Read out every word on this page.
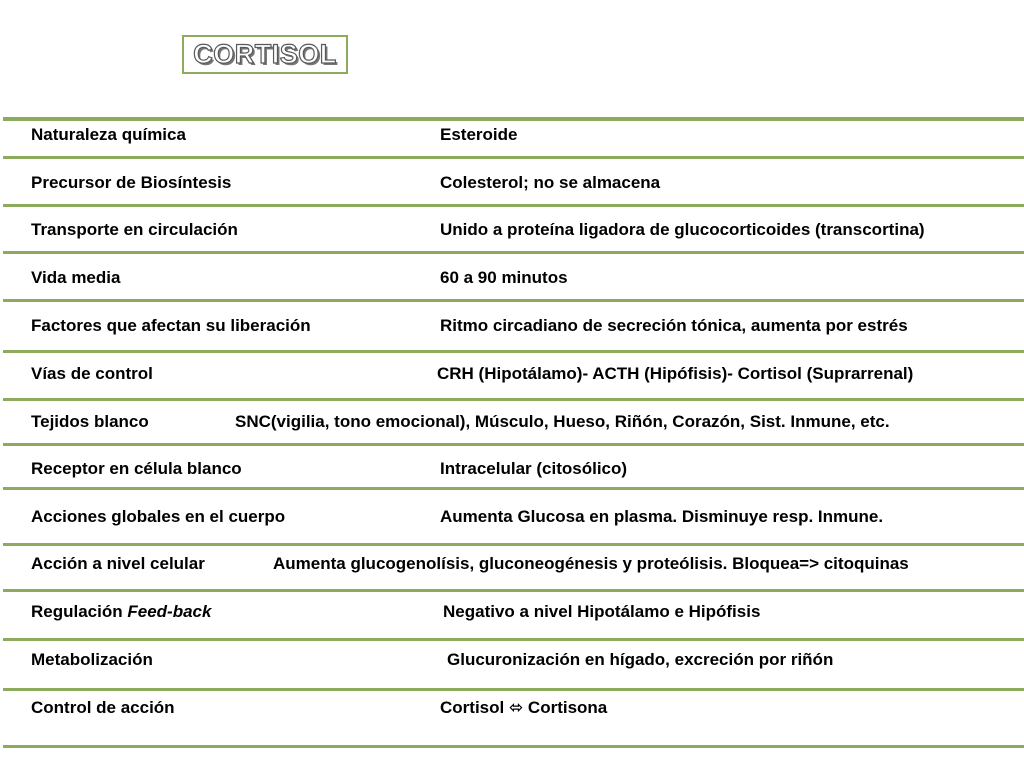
CORTISOL
Naturaleza química	Esteroide
Precursor de Biosíntesis	Colesterol; no se almacena
Transporte en circulación	Unido a proteína ligadora de glucocorticoides (transcortina)
Vida media	60 a 90 minutos
Factores que afectan su liberación	Ritmo circadiano de secreción tónica, aumenta por estrés
Vías de control	CRH (Hipotálamo)- ACTH (Hipófisis)- Cortisol (Suprarrenal)
Tejidos blanco	SNC(vigilia, tono emocional), Músculo, Hueso, Riñón, Corazón, Sist. Inmune, etc.
Receptor en célula blanco	Intracelular (citosólico)
Acciones globales en el cuerpo	Aumenta Glucosa en plasma. Disminuye resp. Inmune.
Acción a nivel celular	Aumenta glucogenolísis, gluconeogénesis y proteólisis. Bloquea=> citoquinas
Regulación Feed-back	Negativo a nivel Hipotálamo e Hipófisis
Metabolización	Glucuronización en hígado, excreción por riñón
Control de acción	Cortisol ⬄ Cortisona
